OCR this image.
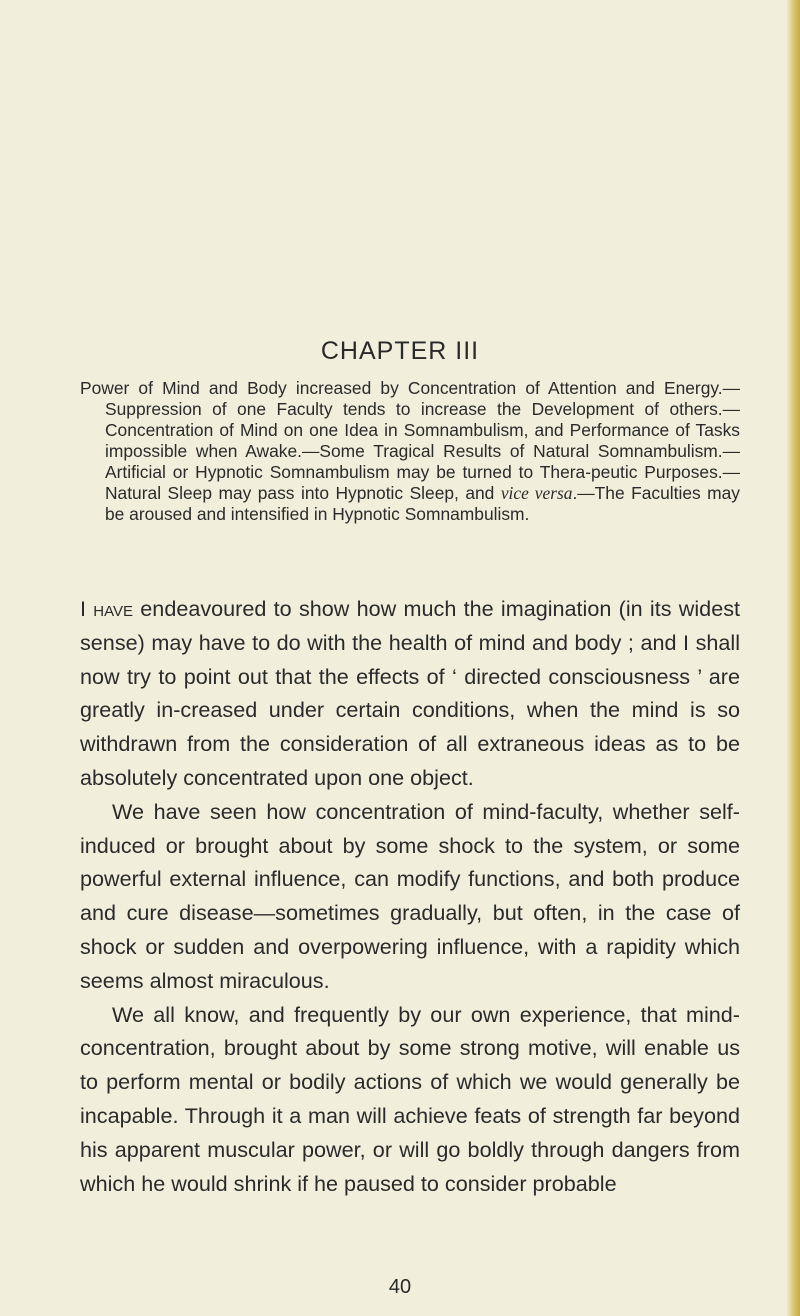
CHAPTER III

Power of Mind and Body increased by Concentration of Attention and Energy.—Suppression of one Faculty tends to increase the Development of others.—Concentration of Mind on one Idea in Somnambulism, and Performance of Tasks impossible when Awake.—Some Tragical Results of Natural Somnambulism.—Artificial or Hypnotic Somnambulism may be turned to Thera-peutic Purposes.—Natural Sleep may pass into Hypnotic Sleep, and vice versa.—The Faculties may be aroused and intensified in Hypnotic Somnambulism.

I have endeavoured to show how much the imagination (in its widest sense) may have to do with the health of mind and body ; and I shall now try to point out that the effects of ‘ directed consciousness ’ are greatly in-creased under certain conditions, when the mind is so withdrawn from the consideration of all extraneous ideas as to be absolutely concentrated upon one object.

We have seen how concentration of mind-faculty, whether self-induced or brought about by some shock to the system, or some powerful external influence, can modify functions, and both produce and cure disease—sometimes gradually, but often, in the case of shock or sudden and overpowering influence, with a rapidity which seems almost miraculous.

We all know, and frequently by our own experience, that mind-concentration, brought about by some strong motive, will enable us to perform mental or bodily actions of which we would generally be incapable. Through it a man will achieve feats of strength far beyond his apparent muscular power, or will go boldly through dangers from which he would shrink if he paused to consider probable

40
